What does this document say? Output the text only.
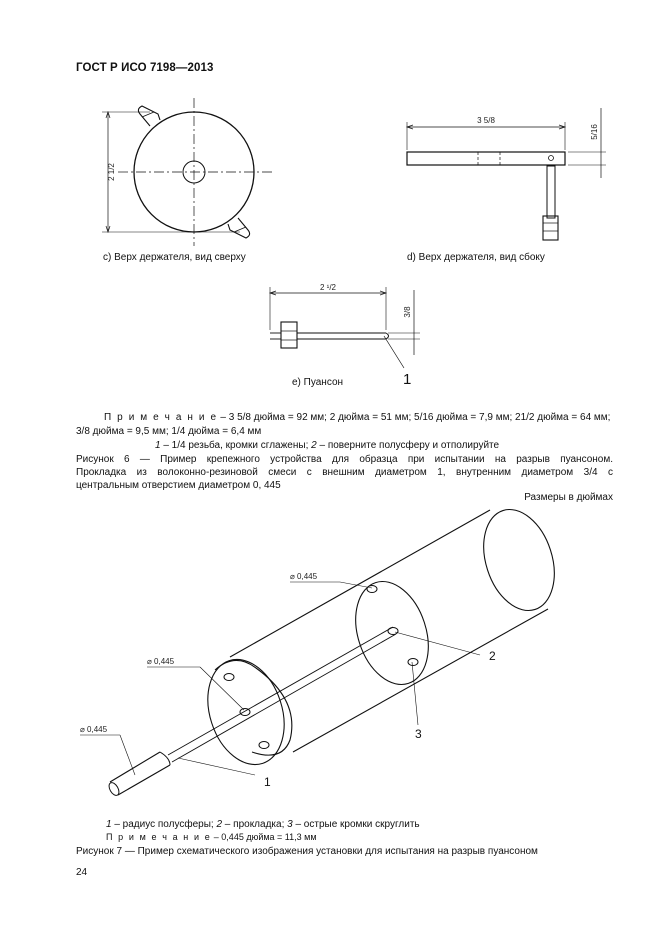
ГОСТ Р ИСО 7198—2013
2 1/2
3 5/8
5/16
2 ¹/2
3/8
1
⌀ 0,445
⌀ 0,445
⌀ 0,445
1
2
3
с) Верх держателя, вид сверху	d) Верх держателя, вид сбоку
е) Пуансон
П р и м е ч а н и е – 3 5/8 дюйма = 92 мм; 2 дюйма = 51 мм; 5/16 дюйма = 7,9 мм; 21/2 дюйма = 64 мм;
3/8 дюйма = 9,5 мм; 1/4 дюйма = 6,4 мм
1 – 1/4 резьба, кромки сглажены; 2 – поверните полусферу и отполируйте
Рисунок 6 — Пример крепежного устройства для образца при испытании на разрыв пуансоном.
Прокладка из волоконно-резиновой смеси с внешним диаметром 1, внутренним диаметром 3/4 с
центральным отверстием диаметром 0, 445
Размеры в дюймах
1 – радиус полусферы; 2 – прокладка; 3 – острые кромки скруглить
П р и м е ч а н и е – 0,445 дюйма = 11,3 мм
Рисунок 7 — Пример схематического изображения установки для испытания на разрыв пуансоном
24
